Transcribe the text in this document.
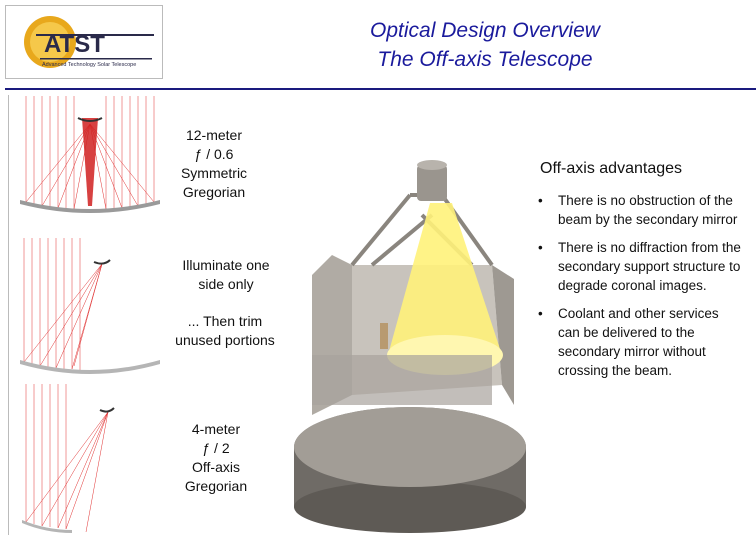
ATST
Advanced Technology Solar Telescope
Optical Design Overview
The Off-axis Telescope
12-meter
ƒ / 0.6
Symmetric
Gregorian
Illuminate one
side only
... Then trim
unused portions
4-meter
ƒ / 2
Off-axis
Gregorian
Off-axis advantages
• There is no obstruction of the beam by the secondary mirror
• There is no diffraction from the secondary support structure to degrade coronal images.
• Coolant and other services can be delivered to the secondary mirror without crossing the beam.
